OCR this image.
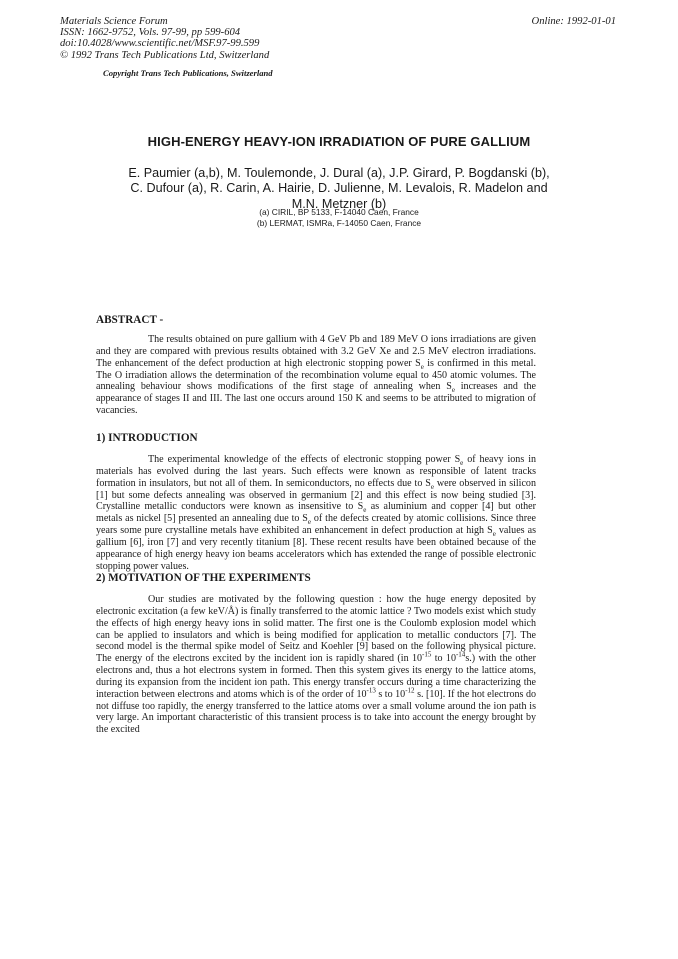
Materials Science Forum
ISSN: 1662-9752, Vols. 97-99, pp 599-604
doi:10.4028/www.scientific.net/MSF.97-99.599
© 1992 Trans Tech Publications Ltd, Switzerland
Online: 1992-01-01
Copyright Trans Tech Publications, Switzerland
HIGH-ENERGY HEAVY-ION IRRADIATION OF PURE GALLIUM
E. Paumier (a,b), M. Toulemonde, J. Dural (a), J.P. Girard, P. Bogdanski (b),
C. Dufour (a), R. Carin, A. Hairie, D. Julienne, M. Levalois, R. Madelon and
M.N. Metzner (b)
(a) CIRIL, BP 5133, F-14040 Caen, France
(b) LERMAT, ISMRa, F-14050 Caen, France
ABSTRACT -

The results obtained on pure gallium with 4 GeV Pb and 189 MeV O ions irradiations are given and they are compared with previous results obtained with 3.2 GeV Xe and 2.5 MeV electron irradiations. The enhancement of the defect production at high electronic stopping power $S_e$ is confirmed in this metal. The O irradiation allows the determination of the recombination volume equal to 450 atomic volumes. The annealing behaviour shows modifications of the first stage of annealing when $S_e$ increases and the appearance of stages II and III. The last one occurs around 150 K and seems to be attributed to migration of vacancies.

1) INTRODUCTION

The experimental knowledge of the effects of electronic stopping power $S_e$ of heavy ions in materials has evolved during the last years. Such effects were known as responsible of latent tracks formation in insulators, but not all of them. In semiconductors, no effects due to $S_e$ were observed in silicon [1] but some defects annealing was observed in germanium [2] and this effect is now being studied [3]. Crystalline metallic conductors were known as insensitive to $S_e$ as aluminium and copper [4] but other metals as nickel [5] presented an annealing due to $S_e$ of the defects created by atomic collisions. Since three years some pure crystalline metals have exhibited an enhancement in defect production at high $S_e$ values as gallium [6], iron [7] and very recently titanium [8]. These recent results have been obtained because of the appearance of high energy heavy ion beams accelerators which has extended the range of possible electronic stopping power values.

2) MOTIVATION OF THE EXPERIMENTS

Our studies are motivated by the following question : how the huge energy deposited by electronic excitation (a few keV/Å) is finally transferred to the atomic lattice ? Two models exist which study the effects of high energy heavy ions in solid matter. The first one is the Coulomb explosion model which can be applied to insulators and which is being modified for application to metallic conductors [7]. The second model is the thermal spike model of Seitz and Koehler [9] based on the following physical picture. The energy of the electrons excited by the incident ion is rapidly shared (in $10^{-15}$ to $10^{-14}s$.) with the other electrons and, thus a hot electrons system in formed. Then this system gives its energy to the lattice atoms, during its expansion from the incident ion path. This energy transfer occurs during a time characterizing the interaction between electrons and atoms which is of the order of $10^{-13}$ s to $10^{-12}$ s. [10]. If the hot electrons do not diffuse too rapidly, the energy transferred to the lattice atoms over a small volume around the ion path is very large. An important characteristic of this transient process is to take into account the energy brought by the excited
